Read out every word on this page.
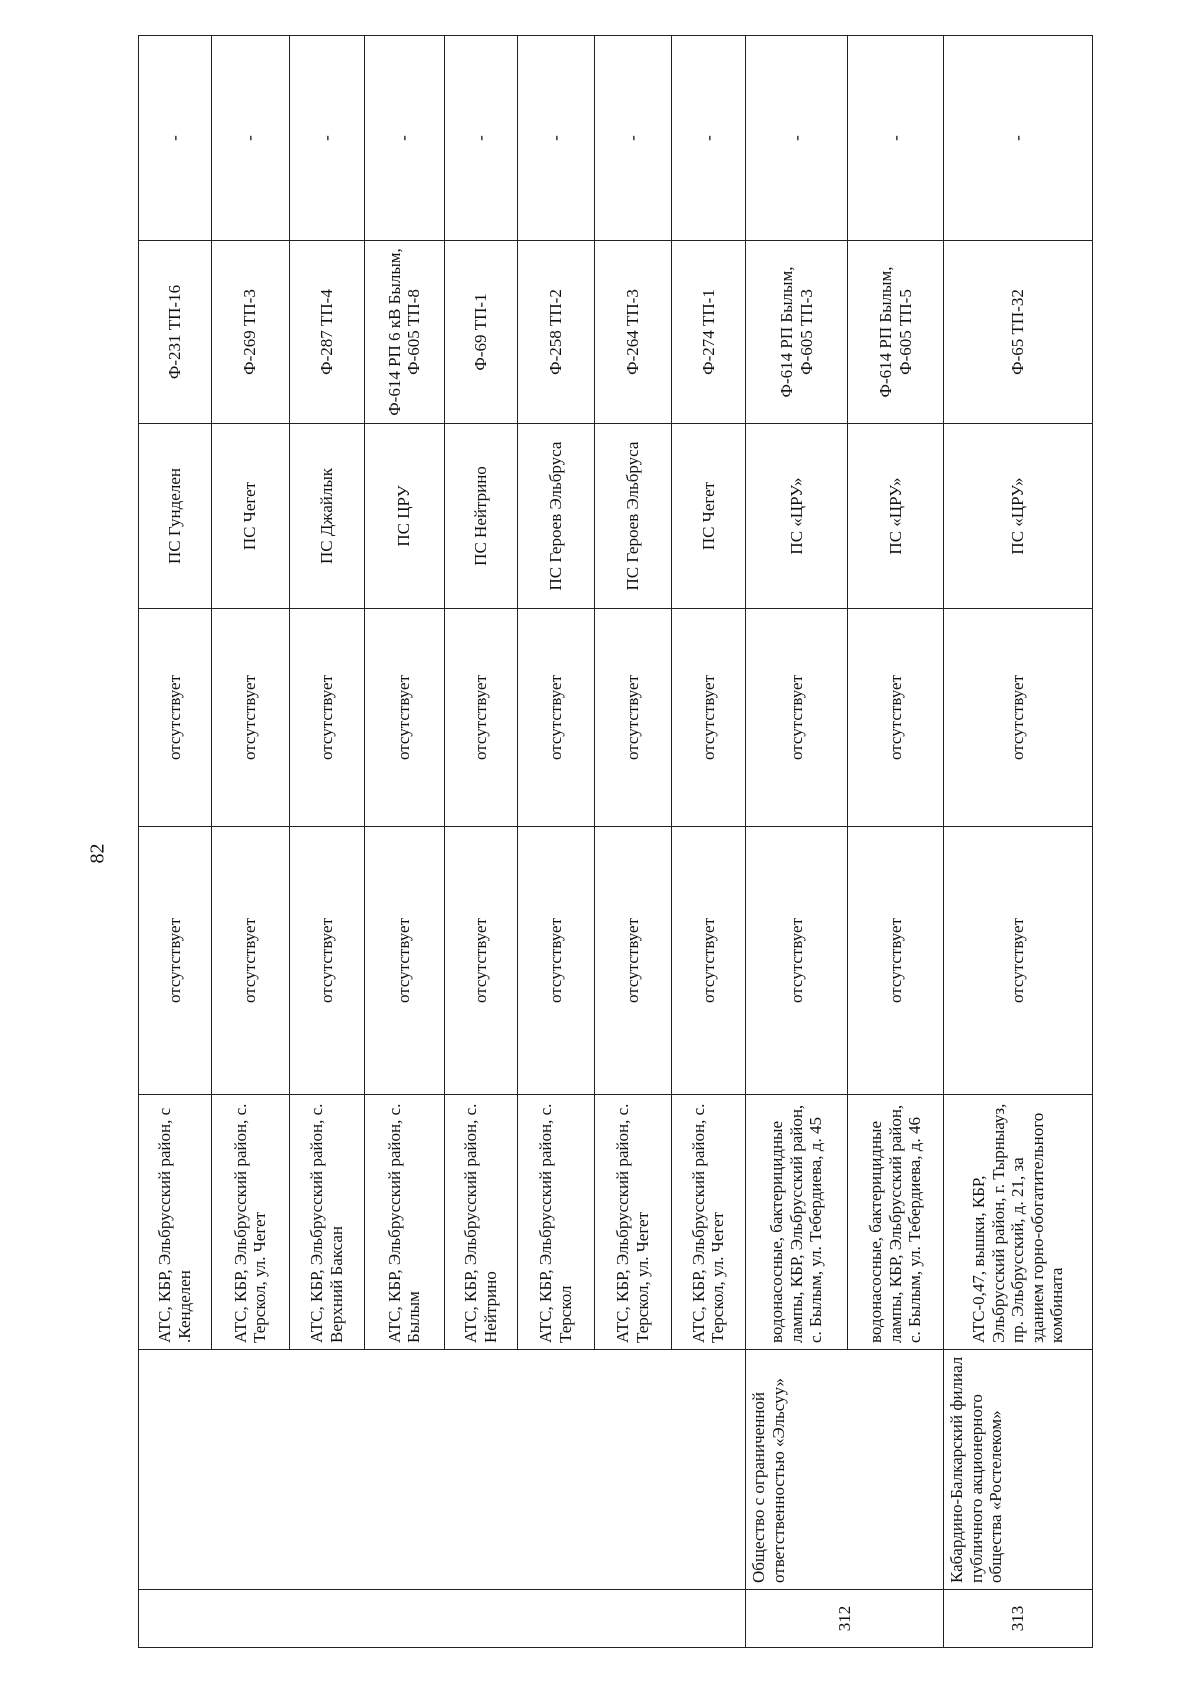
82
		АТС, КБР, Эльбрусский район, с .Кенделен	отсутствует	отсутствует	ПС Гунделен	Ф-231 ТП-16	-
		АТС, КБР, Эльбрусский район, с. Терскол, ул. Чегет	отсутствует	отсутствует	ПС Чегет	Ф-269 ТП-3	-
		АТС, КБР, Эльбрусский район, с. Верхний Баксан	отсутствует	отсутствует	ПС Джайлык	Ф-287 ТП-4	-
		АТС, КБР, Эльбрусский район, с. Былым	отсутствует	отсутствует	ПС ЦРУ	Ф-614 РП 6 кВ Былым, Ф-605 ТП-8	-
		АТС, КБР, Эльбрусский район, с. Нейтрино	отсутствует	отсутствует	ПС Нейтрино	Ф-69 ТП-1	-
		АТС, КБР, Эльбрусский район, с. Терскол	отсутствует	отсутствует	ПС Героев Эльбруса	Ф-258 ТП-2	-
		АТС, КБР, Эльбрусский район, с. Терскол, ул. Чегет	отсутствует	отсутствует	ПС Героев Эльбруса	Ф-264 ТП-3	-
		АТС, КБР, Эльбрусский район, с. Терскол, ул. Чегет	отсутствует	отсутствует	ПС Чегет	Ф-274 ТП-1	-
312	Общество с ограниченной ответственностью «Эльсуу»	водонасосные, бактерицидные лампы, КБР, Эльбрусский район, с. Былым, ул. Тебердиева, д. 45	отсутствует	отсутствует	ПС «ЦРУ»	Ф-614 РП Былым, Ф-605 ТП-3	-
		водонасосные, бактерицидные лампы, КБР, Эльбрусский район, с. Былым, ул. Тебердиева, д. 46	отсутствует	отсутствует	ПС «ЦРУ»	Ф-614 РП Былым, Ф-605 ТП-5	-
313	Кабардино-Балкарский филиал публичного акционерного общества «Ростелеком»	АТС-0,47, вышки, КБР, Эльбрусский район, г. Тырныауз, пр. Эльбрусский, д. 21, за зданием горно-обогатительного комбината	отсутствует	отсутствует	ПС «ЦРУ»	Ф-65 ТП-32	-
